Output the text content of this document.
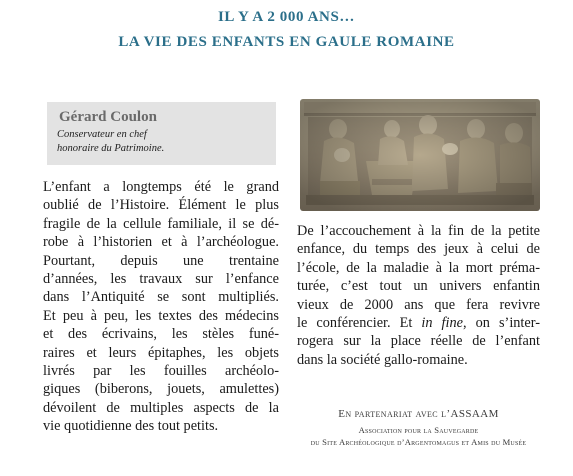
IL Y A 2 000 ANS…
LA VIE DES ENFANTS EN GAULE ROMAINE
Gérard Coulon
Conservateur en chef
honoraire du Patrimoine.
L’enfant a longtemps été le grand
oublié de l’Histoire. Élément le plus
fragile de la cellule familiale, il se dé-
robe à l’historien et à l’archéologue.
Pourtant, depuis une trentaine
d’années, les travaux sur l’enfance
dans l’Antiquité se sont multipliés.
Et peu à peu, les textes des médecins
et des écrivains, les stèles funé-
raires et leurs épitaphes, les objets
livrés par les fouilles archéolo-
giques (biberons, jouets, amulettes)
dévoilent de multiples aspects de la
vie quotidienne des tout petits.
De l’accouchement à la fin de la petite
enfance, du temps des jeux à celui de
l’école, de la maladie à la mort préma-
turée, c’est tout un univers enfantin
vieux de 2000 ans que fera revivre
le conférencier. Et in fine, on s’inter-
rogera sur la place réelle de l’enfant
dans la société gallo-romaine.
En partenariat avec l’ASSAAM
Association pour la Sauvegarde
du Site Archéologique d’Argentomagus et Amis du Musée
